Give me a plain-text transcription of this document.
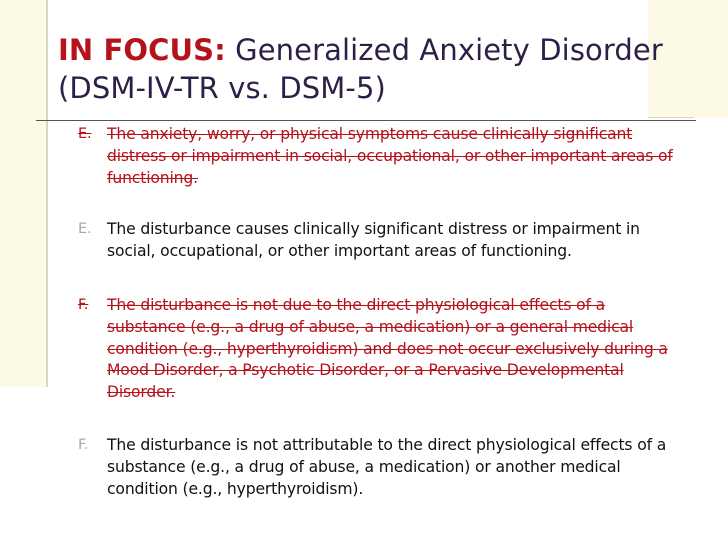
IN FOCUS: Generalized Anxiety Disorder (DSM-IV-TR vs. DSM-5)
E. The anxiety, worry, or physical symptoms cause clinically significant distress or impairment in social, occupational, or other important areas of functioning.
E. The disturbance causes clinically significant distress or impairment in social, occupational, or other important areas of functioning.
F.	The disturbance is not due to the direct physiological effects of a substance (e.g., a drug of abuse, a medication) or a general medical condition (e.g., hyperthyroidism) and does not occur exclusively during a Mood Disorder, a Psychotic Disorder, or a Pervasive Developmental Disorder.
F.	The disturbance is not attributable to the direct physiological effects of a substance (e.g., a drug of abuse, a medication) or another medical condition (e.g., hyperthyroidism).
